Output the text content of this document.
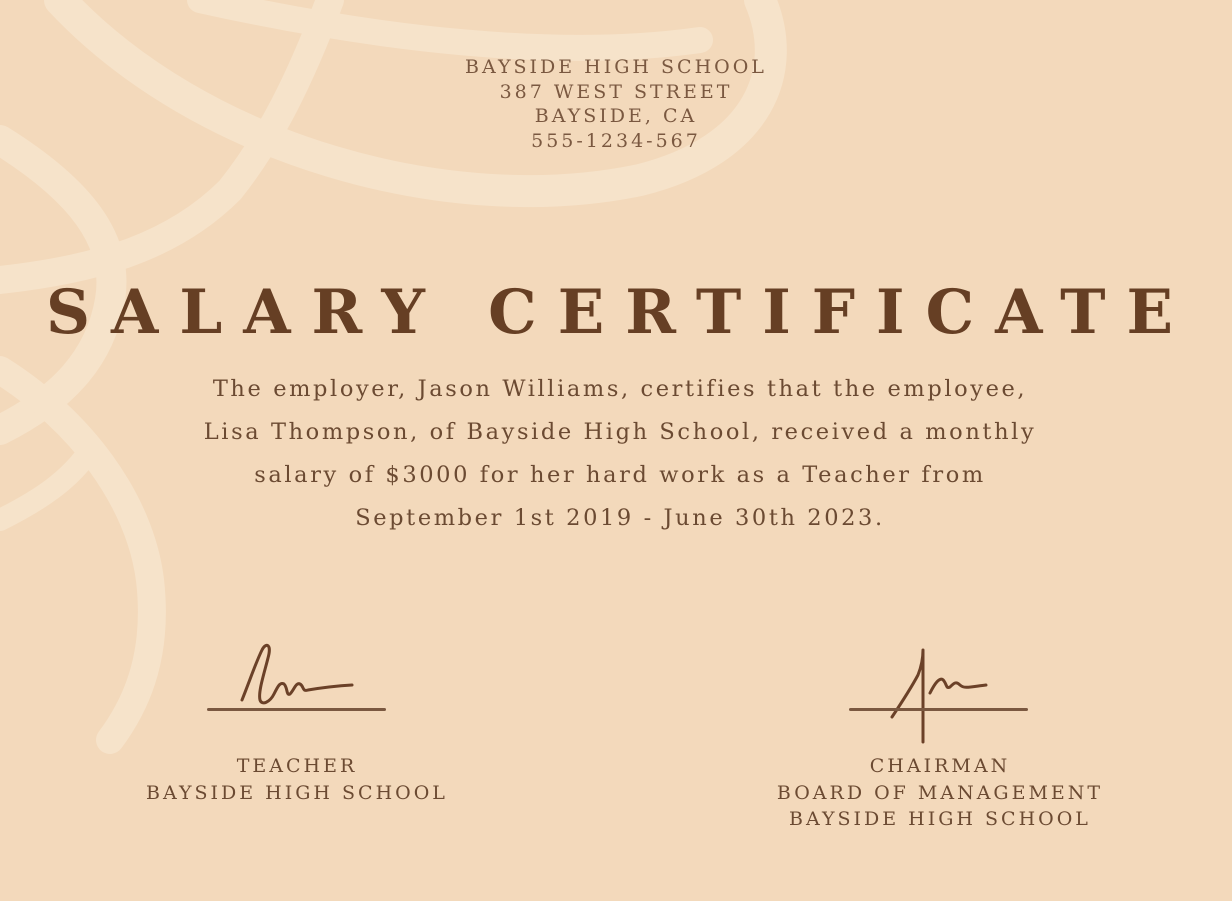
BAYSIDE HIGH SCHOOL
387 WEST STREET
BAYSIDE, CA
555-1234-567
SALARY CERTIFICATE
The employer, Jason Williams, certifies that the employee,
Lisa Thompson, of Bayside High School, received a monthly
salary of $3000 for her hard work as a Teacher from
September 1st 2019 - June 30th 2023.
TEACHER
BAYSIDE HIGH SCHOOL
CHAIRMAN
BOARD OF MANAGEMENT
BAYSIDE HIGH SCHOOL
